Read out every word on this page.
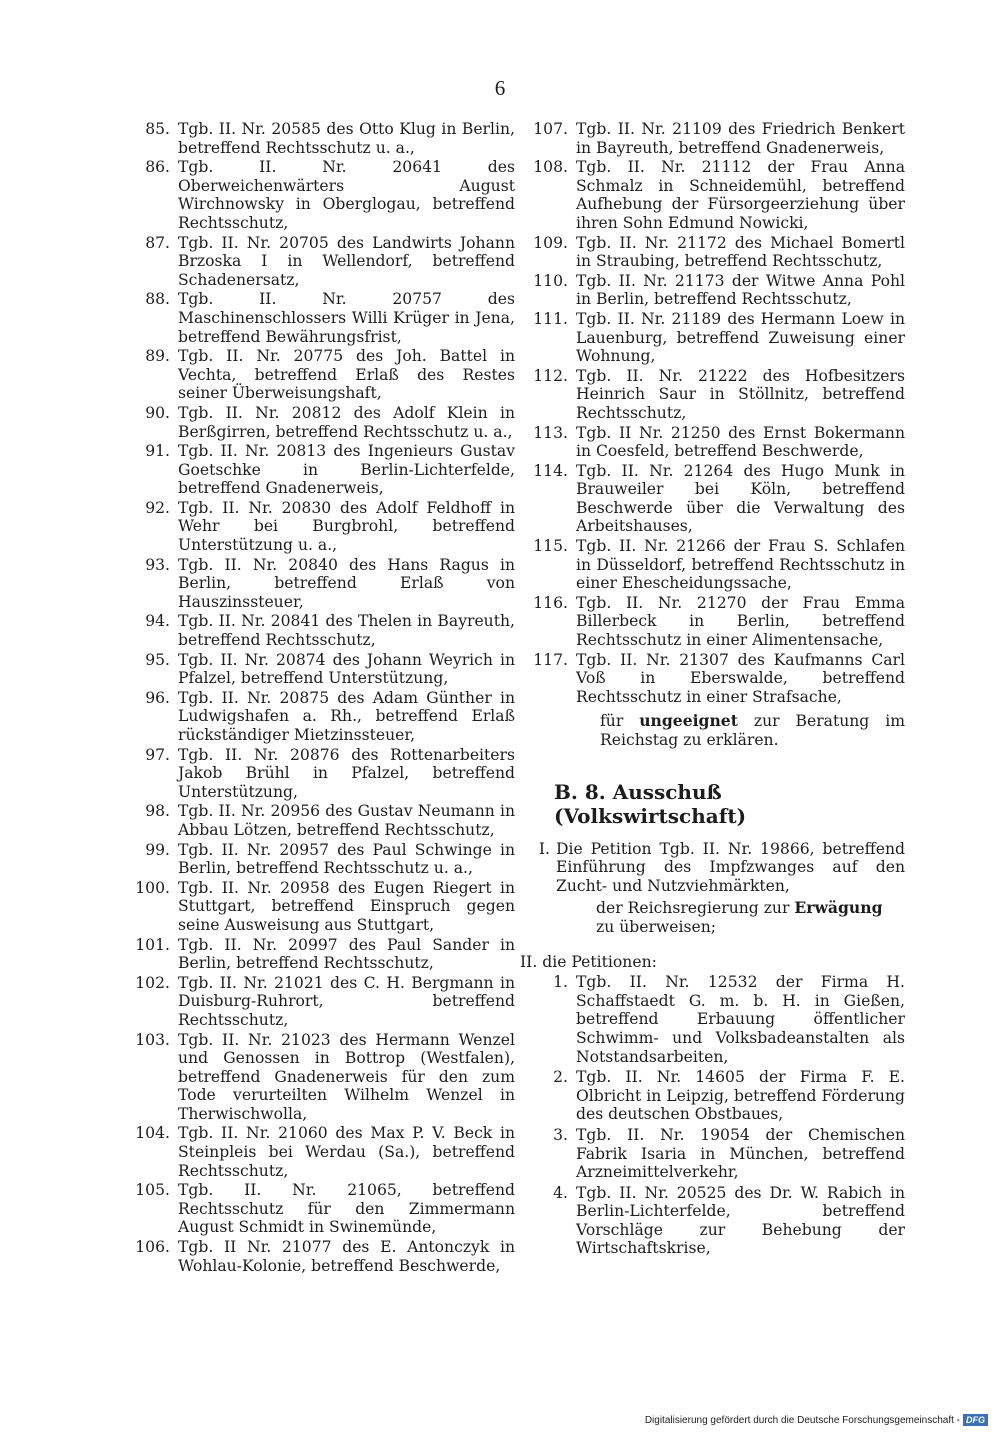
6
85. Tgb. II. Nr. 20585 des Otto Klug in Berlin, betreffend Rechtsschutz u. a.,
86. Tgb. II. Nr. 20641 des Oberweichenwärters August Wirchnowsky in Oberglogau, betreffend Rechtsschutz,
87. Tgb. II. Nr. 20705 des Landwirts Johann Brzoska I in Wellendorf, betreffend Schadenersatz,
88. Tgb. II. Nr. 20757 des Maschinenschlossers Willi Krüger in Jena, betreffend Bewährungsfrist,
89. Tgb. II. Nr. 20775 des Joh. Battel in Vechta, betreffend Erlaß des Restes seiner Überweisungshaft,
90. Tgb. II. Nr. 20812 des Adolf Klein in Berßgirren, betreffend Rechtsschutz u. a.,
91. Tgb. II. Nr. 20813 des Ingenieurs Gustav Goetschke in Berlin-Lichterfelde, betreffend Gnadenerweis,
92. Tgb. II. Nr. 20830 des Adolf Feldhoff in Wehr bei Burgbrohl, betreffend Unterstützung u. a.,
93. Tgb. II. Nr. 20840 des Hans Ragus in Berlin, betreffend Erlaß von Hauszinssteuer,
94. Tgb. II. Nr. 20841 des Thelen in Bayreuth, betreffend Rechtsschutz,
95. Tgb. II. Nr. 20874 des Johann Weyrich in Pfalzel, betreffend Unterstützung,
96. Tgb. II. Nr. 20875 des Adam Günther in Ludwigshafen a. Rh., betreffend Erlaß rückständiger Mietzinssteuer,
97. Tgb. II. Nr. 20876 des Rottenarbeiters Jakob Brühl in Pfalzel, betreffend Unterstützung,
98. Tgb. II. Nr. 20956 des Gustav Neumann in Abbau Lötzen, betreffend Rechtsschutz,
99. Tgb. II. Nr. 20957 des Paul Schwinge in Berlin, betreffend Rechtsschutz u. a.,
100. Tgb. II. Nr. 20958 des Eugen Riegert in Stuttgart, betreffend Einspruch gegen seine Ausweisung aus Stuttgart,
101. Tgb. II. Nr. 20997 des Paul Sander in Berlin, betreffend Rechtsschutz,
102. Tgb. II. Nr. 21021 des C. H. Bergmann in Duisburg-Ruhrort, betreffend Rechtsschutz,
103. Tgb. II. Nr. 21023 des Hermann Wenzel und Genossen in Bottrop (Westfalen), betreffend Gnadenerweis für den zum Tode verurteilten Wilhelm Wenzel in Therwischwolla,
104. Tgb. II. Nr. 21060 des Max P. V. Beck in Steinpleis bei Werdau (Sa.), betreffend Rechtsschutz,
105. Tgb. II. Nr. 21065, betreffend Rechtsschutz für den Zimmermann August Schmidt in Swinemünde,
106. Tgb. II Nr. 21077 des E. Antonczyk in Wohlau-Kolonie, betreffend Beschwerde,
107. Tgb. II. Nr. 21109 des Friedrich Benkert in Bayreuth, betreffend Gnadenerweis,
108. Tgb. II. Nr. 21112 der Frau Anna Schmalz in Schneidemühl, betreffend Aufhebung der Fürsorgeerziehung über ihren Sohn Edmund Nowicki,
109. Tgb. II. Nr. 21172 des Michael Bomertl in Straubing, betreffend Rechtsschutz,
110. Tgb. II. Nr. 21173 der Witwe Anna Pohl in Berlin, betreffend Rechtsschutz,
111. Tgb. II. Nr. 21189 des Hermann Loew in Lauenburg, betreffend Zuweisung einer Wohnung,
112. Tgb. II. Nr. 21222 des Hofbesitzers Heinrich Saur in Stöllnitz, betreffend Rechtsschutz,
113. Tgb. II Nr. 21250 des Ernst Bokermann in Coesfeld, betreffend Beschwerde,
114. Tgb. II. Nr. 21264 des Hugo Munk in Brauweiler bei Köln, betreffend Beschwerde über die Verwaltung des Arbeitshauses,
115. Tgb. II. Nr. 21266 der Frau S. Schlafen in Düsseldorf, betreffend Rechtsschutz in einer Ehescheidungssache,
116. Tgb. II. Nr. 21270 der Frau Emma Billerbeck in Berlin, betreffend Rechtsschutz in einer Alimentensache,
117. Tgb. II. Nr. 21307 des Kaufmanns Carl Voß in Eberswalde, betreffend Rechtsschutz in einer Strafsache,
für ungeeignet zur Beratung im Reichstag zu erklären.
B. 8. Ausschuß (Volkswirtschaft)
I. Die Petition Tgb. II. Nr. 19866, betreffend Einführung des Impfzwanges auf den Zucht- und Nutzviehmärkten,
der Reichsregierung zur Erwägung zu überweisen;
II. die Petitionen:
1. Tgb. II. Nr. 12532 der Firma H. Schaffstaedt G. m. b. H. in Gießen, betreffend Erbauung öffentlicher Schwimm- und Volksbadeanstalten als Notstandsarbeiten,
2. Tgb. II. Nr. 14605 der Firma F. E. Olbricht in Leipzig, betreffend Förderung des deutschen Obstbaues,
3. Tgb. II. Nr. 19054 der Chemischen Fabrik Isaria in München, betreffend Arzneimittelverkehr,
4. Tgb. II. Nr. 20525 des Dr. W. Rabich in Berlin-Lichterfelde, betreffend Vorschläge zur Behebung der Wirtschaftskrise,
Digitalisierung gefördert durch die Deutsche Forschungsgemeinschaft - DFG
